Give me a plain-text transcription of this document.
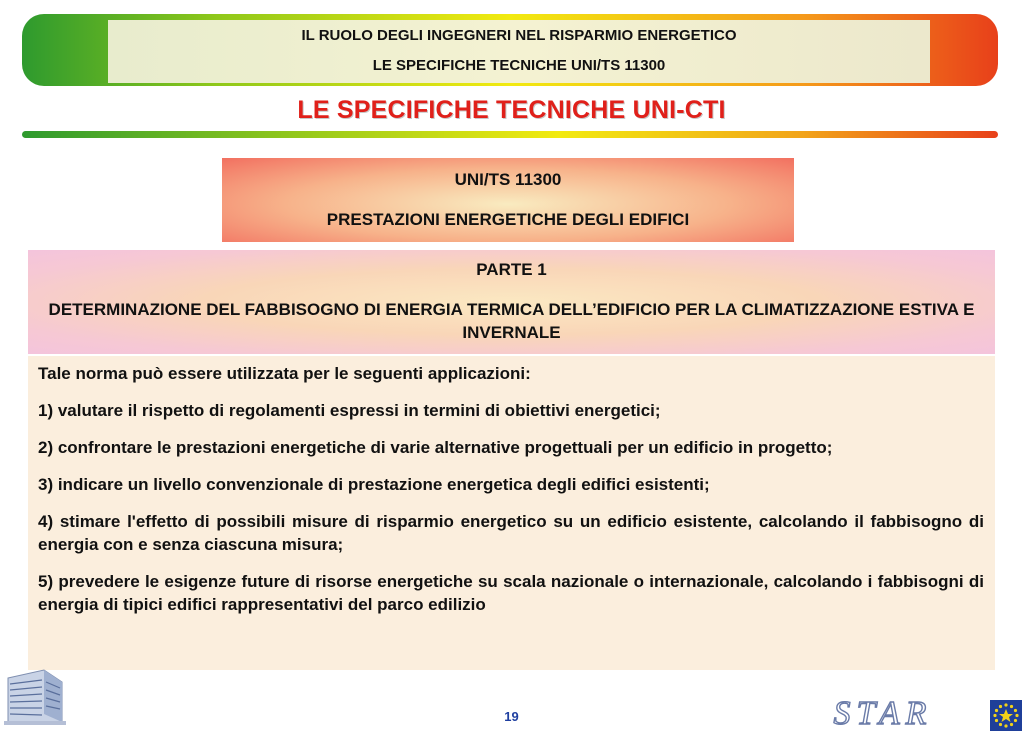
IL RUOLO DEGLI INGEGNERI NEL RISPARMIO ENERGETICO
LE SPECIFICHE TECNICHE UNI/TS 11300
LE SPECIFICHE TECNICHE UNI-CTI
UNI/TS 11300
PRESTAZIONI ENERGETICHE DEGLI EDIFICI
PARTE 1
DETERMINAZIONE DEL FABBISOGNO DI ENERGIA TERMICA DELL’EDIFICIO PER LA CLIMATIZZAZIONE ESTIVA E INVERNALE

Tale norma può essere utilizzata per le seguenti applicazioni:

1) valutare il rispetto di regolamenti espressi in termini di obiettivi energetici;

2) confrontare le prestazioni energetiche di varie alternative progettuali per un edificio in progetto;

3) indicare un livello convenzionale di prestazione energetica degli edifici esistenti;

4) stimare l'effetto di possibili misure di risparmio energetico su un edificio esistente, calcolando il fabbisogno di energia con e senza ciascuna misura;

5) prevedere le esigenze future di risorse energetiche su scala nazionale o internazionale, calcolando i fabbisogni di energia di tipici edifici rappresentativi del parco edilizio

19	STAR
